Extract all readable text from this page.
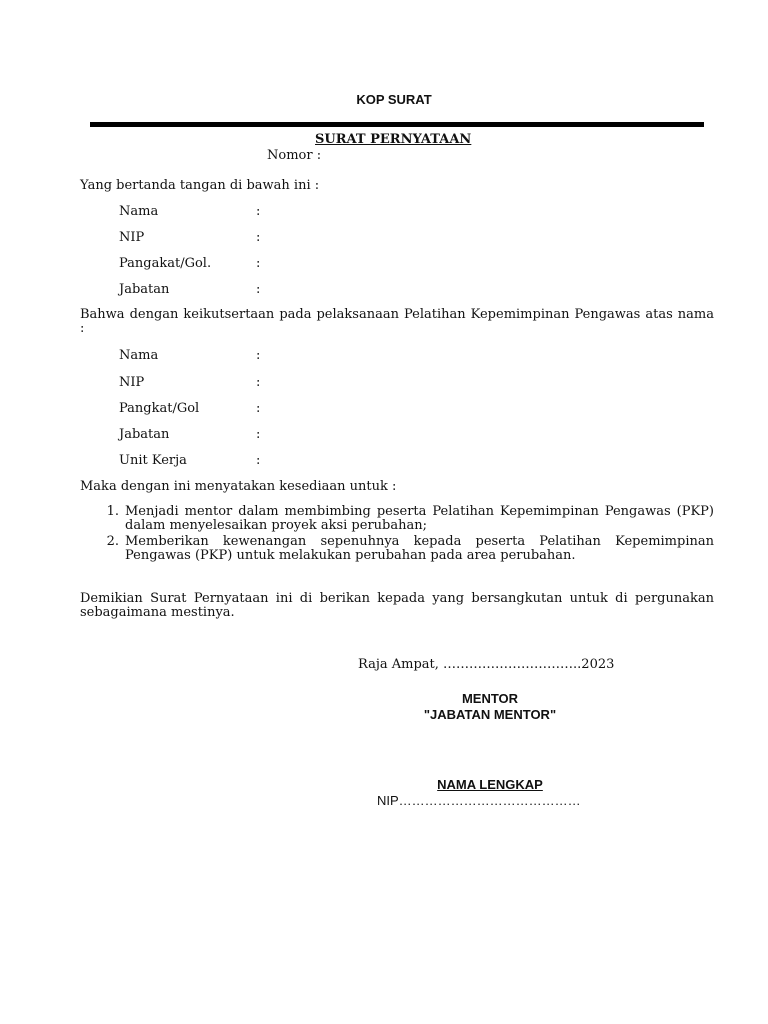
KOP SURAT
SURAT PERNYATAAN
Nomor :
Yang bertanda tangan di bawah ini :
Nama	:
NIP	:
Pangakat/Gol.	:
Jabatan	:
Bahwa dengan keikutsertaan pada pelaksanaan Pelatihan Kepemimpinan Pengawas atas nama :
Nama	:
NIP	:
Pangkat/Gol	:
Jabatan	:
Unit Kerja	:
Maka dengan ini menyatakan kesediaan untuk :
1. Menjadi mentor dalam membimbing peserta Pelatihan Kepemimpinan Pengawas (PKP) dalam menyelesaikan proyek aksi perubahan;
2. Memberikan kewenangan sepenuhnya kepada peserta Pelatihan Kepemimpinan Pengawas (PKP) untuk melakukan perubahan pada area perubahan.
Demikian Surat Pernyataan ini di berikan kepada yang bersangkutan untuk di pergunakan sebagaimana mestinya.
Raja Ampat, …………………………..2023
MENTOR
"JABATAN MENTOR"
NAMA LENGKAP
NIP……………………………………
